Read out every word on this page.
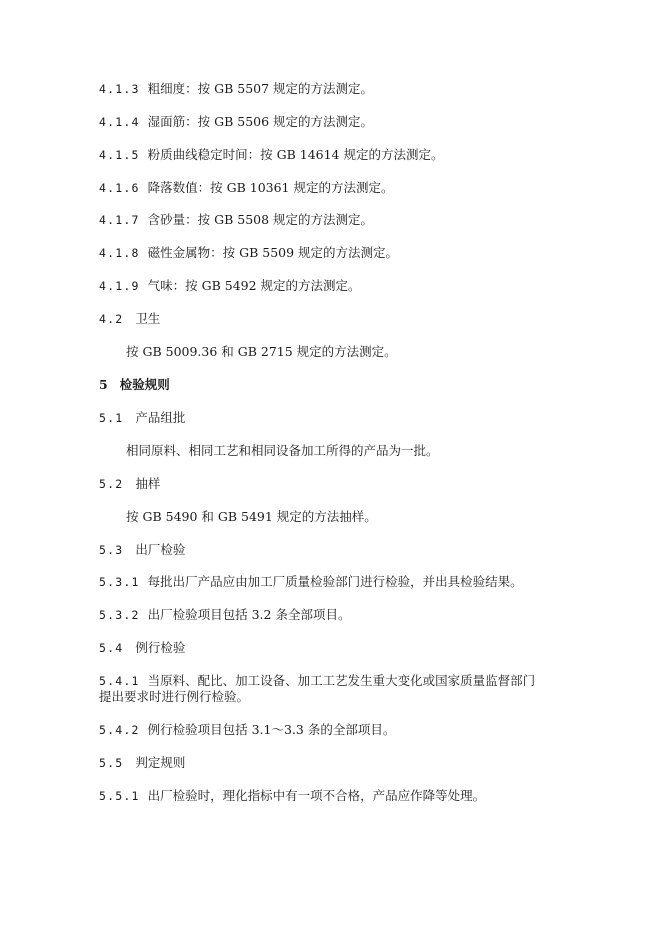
4.1.3 粗细度：按 GB 5507 规定的方法测定。
4.1.4 湿面筋：按 GB 5506 规定的方法测定。
4.1.5 粉质曲线稳定时间：按 GB 14614 规定的方法测定。
4.1.6 降落数值：按 GB 10361 规定的方法测定。
4.1.7 含砂量：按 GB 5508 规定的方法测定。
4.1.8 磁性金属物：按 GB 5509 规定的方法测定。
4.1.9 气味：按 GB 5492 规定的方法测定。
4.2 卫生
按 GB 5009.36 和 GB 2715 规定的方法测定。
5 检验规则
5.1 产品组批
相同原料、相同工艺和相同设备加工所得的产品为一批。
5.2 抽样
按 GB 5490 和 GB 5491 规定的方法抽样。
5.3 出厂检验
5.3.1 每批出厂产品应由加工厂质量检验部门进行检验，并出具检验结果。
5.3.2 出厂检验项目包括 3.2 条全部项目。
5.4 例行检验
5.4.1 当原料、配比、加工设备、加工工艺发生重大变化或国家质量监督部门
提出要求时进行例行检验。
5.4.2 例行检验项目包括 3.1～3.3 条的全部项目。
5.5 判定规则
5.5.1 出厂检验时，理化指标中有一项不合格，产品应作降等处理。
